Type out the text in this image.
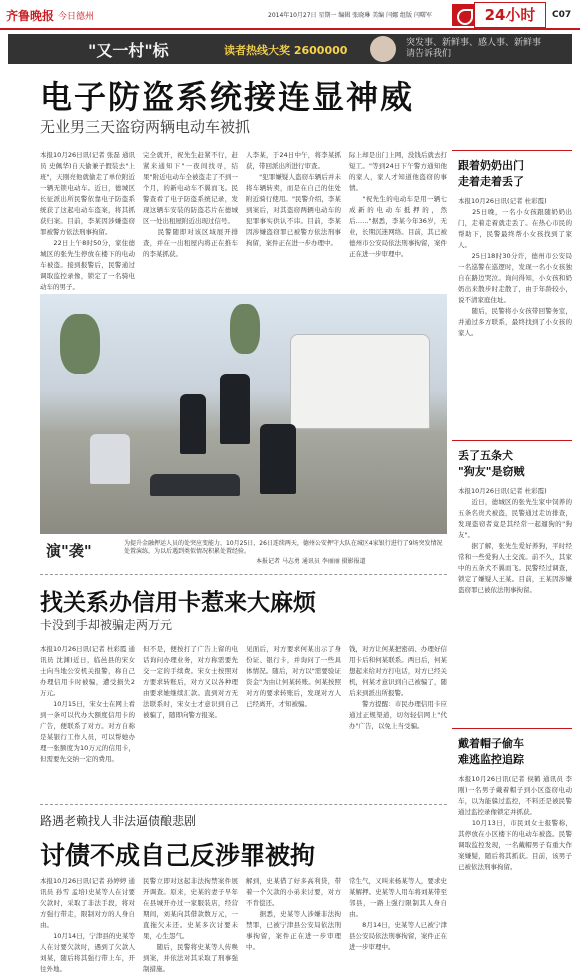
齐鲁晚报 今日德州	2014年10月27日 星期一 编辑 张晓琳 美编 闫娜 组版 闫曙军	24小时	C07
"又一村"标	读者热线大奖 2600000
突发事、新鲜事、感人事、新鲜事
请告诉我们
电子防盗系统接连显神威
无业男三天盗窃两辆电动车被抓
本报10月26日讯(记者 张磊 通讯员 史佩华)自天偷兼子假装去"上班"，天刚亮他就偷走了单位附近一辆无锁电动车。近日，德城区长征派出所民警依靠电子防盗系统获了这起电动车盗案，将其抓获归案。目前，李某因涉嫌盗窃罪被警方依法刑事拘留。
　　22日上午8时50分，家住德城区的张先生停放在楼下的电动车被盗。接到报警后，民警通过调取监控录像，锁定了一名骑电动车的男子。
完全就开，祝先生赶紧不行，赶紧来通知下"一夜间找寻，结果"附近电动车全被盗走了不到一个月，的新电动车不翼而飞。民警查看了电子防盗系统记录，发现这辆车安装的防盗芯片在德城区一处出租屋附近出现过信号。
　　民警随即对该区域展开排查，并在一出租屋内将正在推车的李某抓获。
人李某，于24日中午，将李某抓获，带回派出所进行审查。
　　"犯罪嫌疑人盗窃车辆后并未将车辆转卖，而是在自己的住处附近骑行使用。"民警介绍，李某到案后，对其盗窃两辆电动车的犯罪事实供认不讳。目前，李某因涉嫌盗窃罪已被警方依法刑事拘留，案件正在进一步办理中。
际上却是出门上网，没钱后就去打短工。"等到24日下午警方通知他的家人，家人才知道他盗窃的事情。
　　"祝先生的电动车是用一辆七成新的电动车抵押的，然后……"据悉，李某今年36岁，无业，长期沉迷网络。目前，其已被德州市公安局依法刑事拘留，案件正在进一步审理中。
演"袭"	为提升金融押运人员的处突应变能力，10月25日，26日连续两天，德州公安押守大队在城区4家银行进行了9场突发情况处置演练，为以后遇到类似情况积累处置经验。
本报记者 马志勇 通讯员 李丽丽 摄影报道
找关系办信用卡惹来大麻烦
卡没到手却被骗走两万元
本报10月26日讯(记者 杜彩霞 通讯员 沈渊)近日，临邑县的宋女士向当地公安机关报警，称自己办理信用卡时被骗，遭受损失2万元。
　　10月15日，宋女士在网上看到一条可以代办大额度信用卡的广告，便联系了对方。对方自称是某银行工作人员，可以帮她办理一张额度为10万元的信用卡，但需要先交纳一定的费用。
但不是，便按打了广告上留的电话询问办理业务，对方称需要先交一定的手续费。宋女士按照对方要求转账后，对方又以各种理由要求她继续汇款。直到对方无法联系时，宋女士才意识到自己被骗了，随即向警方报案。
见面后，对方要求何某出示了身份证、银行卡，并询问了一些具体情况。随后，对方以"需要验证资金"为由让何某转账。何某按照对方的要求转账后，发现对方人已经离开，才知被骗。
钱，对方让何某把密码、办理好信用卡后和何某联系。两日后，何某想起来给对方打电话，对方已经关机，何某才意识到自己被骗了，随后来到派出所报警。
　　警方提醒：市民办理信用卡应通过正规渠道，切勿轻信网上"代办"广告，以免上当受骗。
路遇老赖找人非法逼债酿悲剧
讨债不成自己反涉罪被拘
本报10月26日讯(记者 孙婷婷 通讯员 孙雪 孟培)史某等人在讨要欠款时，采取了非法手段，将对方强行带走，限制对方的人身自由。
　　10月14日，宁津县的史某等人在讨要欠款时，遇到了欠款人刘某，随后将其强行带上车，开往外地。
民警立即对这起非法拘禁案件展开调查。原来，史某的妻子早年在县城开办过一家服装店，经营期间，刘某向其借款数万元，一直拖欠未还。史某多次讨要未果，心生怨气。
　　随后，民警将史某等人传唤到案，并依法对其采取了刑事强制措施。
解到，史某借了好多高利贷，带着一个欠款的小弟来讨要，对方不肯偿还。
　　据悉，史某等人涉嫌非法拘禁罪，已被宁津县公安局依法刑事拘留，案件正在进一步审理中。
常生气，又叫来杨某等人，要求史某解押。史某等人用车将刘某带至邻县，一路上强行限制其人身自由。
　　8月14日，史某等人已被宁津县公安局依法刑事拘留，案件正在进一步审理中。
跟着奶奶出门
走着走着丢了
本报10月26日讯(记者 杜彩霞)
　　25日晚，一名小女孩跟随奶奶出门，走着走着就走丢了。在热心市民的帮助下，民警最终帮小女孩找到了家人。
　　25日18时30分许，德州市公安局一名巡警在巡逻时，发现一名小女孩独自在路边哭泣。询问得知，小女孩和奶奶出来散步时走散了，由于年龄较小，说不清家庭住址。
　　随后，民警将小女孩带回警务室，并通过多方联系，最终找到了小女孩的家人。
丢了五条犬
"狗友"是窃贼
本报10月26日讯(记者 杜彩霞)
　　近日，德城区的张先生家中饲养的五条名贵犬被盗，民警通过走访排查，发现盗窃者竟是其经常一起遛狗的"狗友"。
　　据了解，张先生爱好养狗，平时经常和一些爱狗人士交流。前不久，其家中的五条犬不翼而飞。民警经过调查，锁定了嫌疑人王某。目前，王某因涉嫌盗窃罪已被依法刑事拘留。
戴着帽子偷车
难逃监控追踪
本报10月26日讯(记者 侯鹤 通讯员 李刚)一名男子戴着帽子到小区盗窃电动车，以为能躲过监控，不料还是被民警通过监控录像锁定并抓获。
　　10月13日，市民刘女士报警称，其停放在小区楼下的电动车被盗。民警调取监控发现，一名戴帽男子有重大作案嫌疑，随后将其抓获。目前，该男子已被依法刑事拘留。
